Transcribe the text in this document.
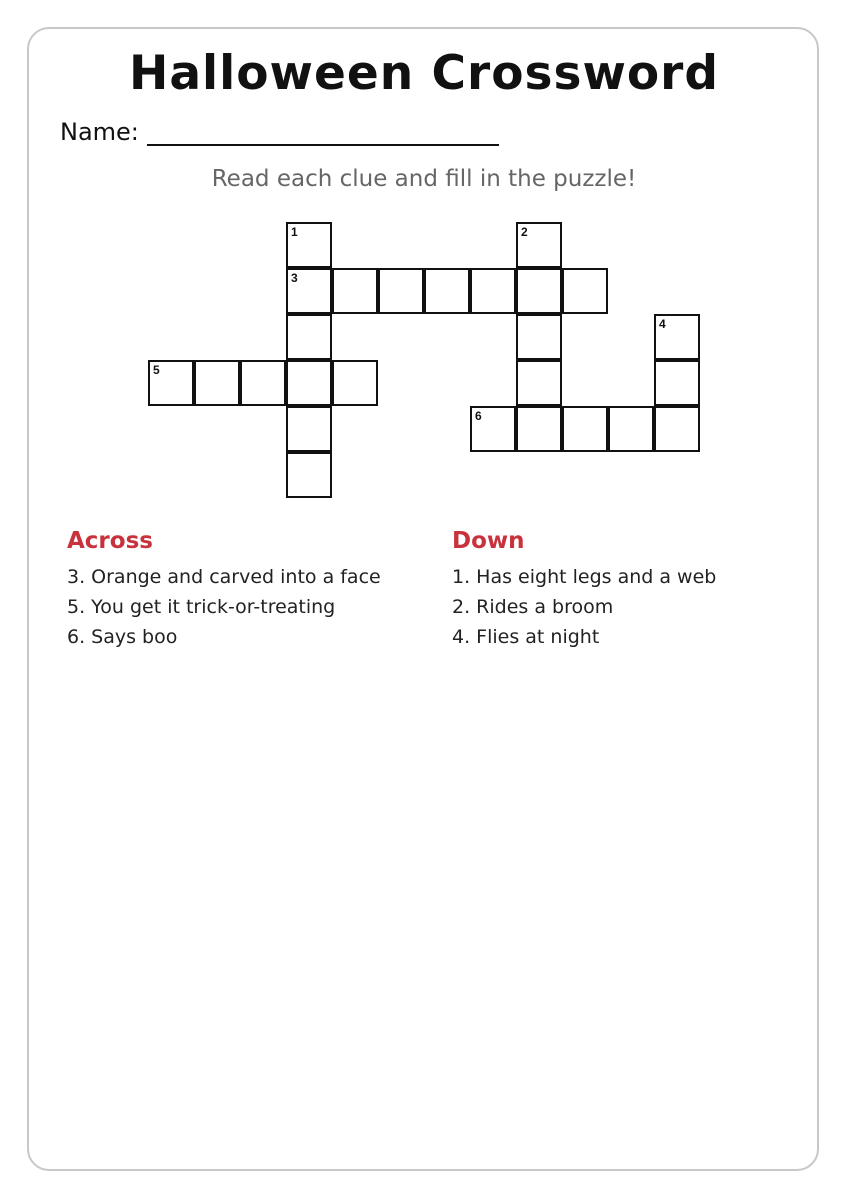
Halloween Crossword
Name:
Read each clue and fill in the puzzle!
1	2
3
4
5
6
Across
3. Orange and carved into a face
5. You get it trick-or-treating
6. Says boo
Down
1. Has eight legs and a web
2. Rides a broom
4. Flies at night
